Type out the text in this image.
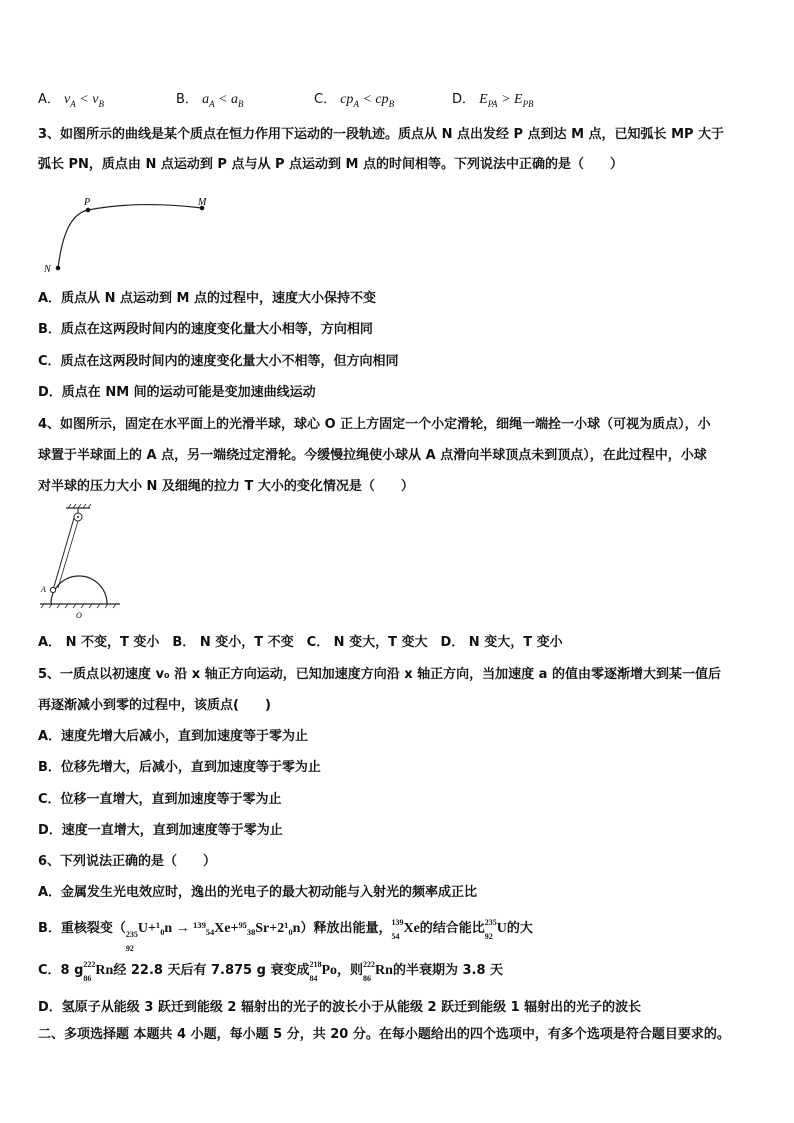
A． $v_A < v_B$	B． $a_A < a_B$	C． $cp_A < cp_B$	D． $E_{PA} > E_{PB}$
3、如图所示的曲线是某个质点在恒力作用下运动的一段轨迹。质点从 N 点出发经 P 点到达 M 点，已知弧长 MP 大于
弧长 PN，质点由 N 点运动到 P 点与从 P 点运动到 M 点的时间相等。下列说法中正确的是（　　）
P	M
N
A．质点从 N 点运动到 M 点的过程中，速度大小保持不变
B．质点在这两段时间内的速度变化量大小相等，方向相同
C．质点在这两段时间内的速度变化量大小不相等，但方向相同
D．质点在 NM 间的运动可能是变加速曲线运动
4、如图所示，固定在水平面上的光滑半球，球心 O 正上方固定一个小定滑轮，细绳一端拴一小球（可视为质点），小
球置于半球面上的 A 点，另一端绕过定滑轮。今缓慢拉绳使小球从 A 点滑向半球顶点未到顶点），在此过程中，小球
对半球的压力大小 N 及细绳的拉力 T 大小的变化情况是（　　）
A
O
A． N 不变，T 变小　B． N 变小，T 不变　C． N 变大，T 变大　D． N 变大，T 变小
5、一质点以初速度 v₀ 沿 x 轴正方向运动，已知加速度方向沿 x 轴正方向，当加速度 a 的值由零逐渐增大到某一值后
再逐渐减小到零的过程中，该质点(　　)
A．速度先增大后减小，直到加速度等于零为止
B．位移先增大，后减小，直到加速度等于零为止
C．位移一直增大，直到加速度等于零为止
D．速度一直增大，直到加速度等于零为止
6、下列说法正确的是（　　）
A．金属发生光电效应时，逸出的光电子的最大初动能与入射光的频率成正比
B．重核裂变（ 235
92
U+¹₀n → ¹³⁹₅₄Xe+⁹⁵₃₈Sr+2¹₀n）释放出能量， 139
54
Xe的结合能比 235
92
U的大
C．8 g 222
86
Rn经 22.8 天后有 7.875 g 衰变成 218
84
Po，则 222
86
Rn的半衰期为 3.8 天
D．氢原子从能级 3 跃迁到能级 2 辐射出的光子的波长小于从能级 2 跃迁到能级 1 辐射出的光子的波长
二、多项选择题 本题共 4 小题，每小题 5 分，共 20 分。在每小题给出的四个选项中，有多个选项是符合题目要求的。
